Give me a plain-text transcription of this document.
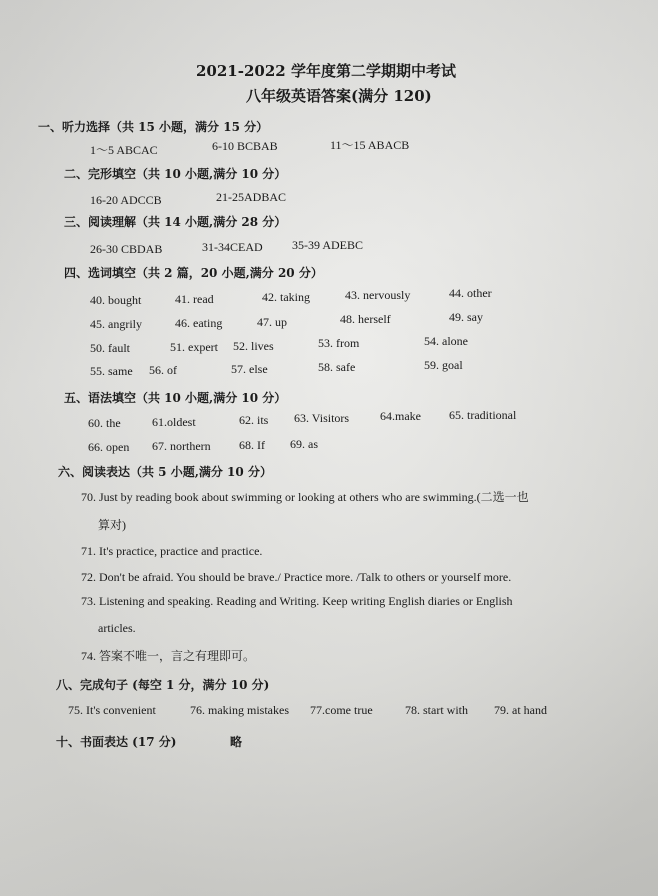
2021-2022 学年度第二学期期中考试
八年级英语答案(满分 120)
一、听力选择（共 15 小题，满分 15 分）
1～5 ABCAC	6-10 BCBAB	11～15 ABACB
二、完形填空（共 10 小题,满分 10 分）
16-20 ADCCB	21-25ADBAC
三、阅读理解（共 14 小题,满分 28 分）
26-30 CBDAB	31-34CEAD 35-39 ADEBC
四、选词填空（共 2 篇，20 小题,满分 20 分）
40. bought	41. read	42. taking	43. nervously	44. other
45. angrily	46. eating	47. up	48. herself	49. say
50. fault	51. expert 52. lives	53. from	54. alone
55. same 56. of	57. else	58. safe	59. goal
五、语法填空（共 10 小题,满分 10 分）
60. the	61.oldest	62. its 63. Visitors	64.make 65. traditional
66. open 67. northern 68. If 69. as
六、阅读表达（共 5 小题,满分 10 分）
70. Just by reading book about swimming or looking at others who are swimming.(二选一也
算对)
71. It's practice, practice and practice.
72. Don't be afraid. You should be brave./ Practice more. /Talk to others or yourself more.
73. Listening and speaking. Reading and Writing. Keep writing English diaries or English
articles.
74. 答案不唯一，言之有理即可。
八、完成句子 (每空 1 分，满分 10 分)
75. It's convenient	76. making mistakes 77.come true	78. start with 79. at hand
十、书面表达 (17 分)	略
